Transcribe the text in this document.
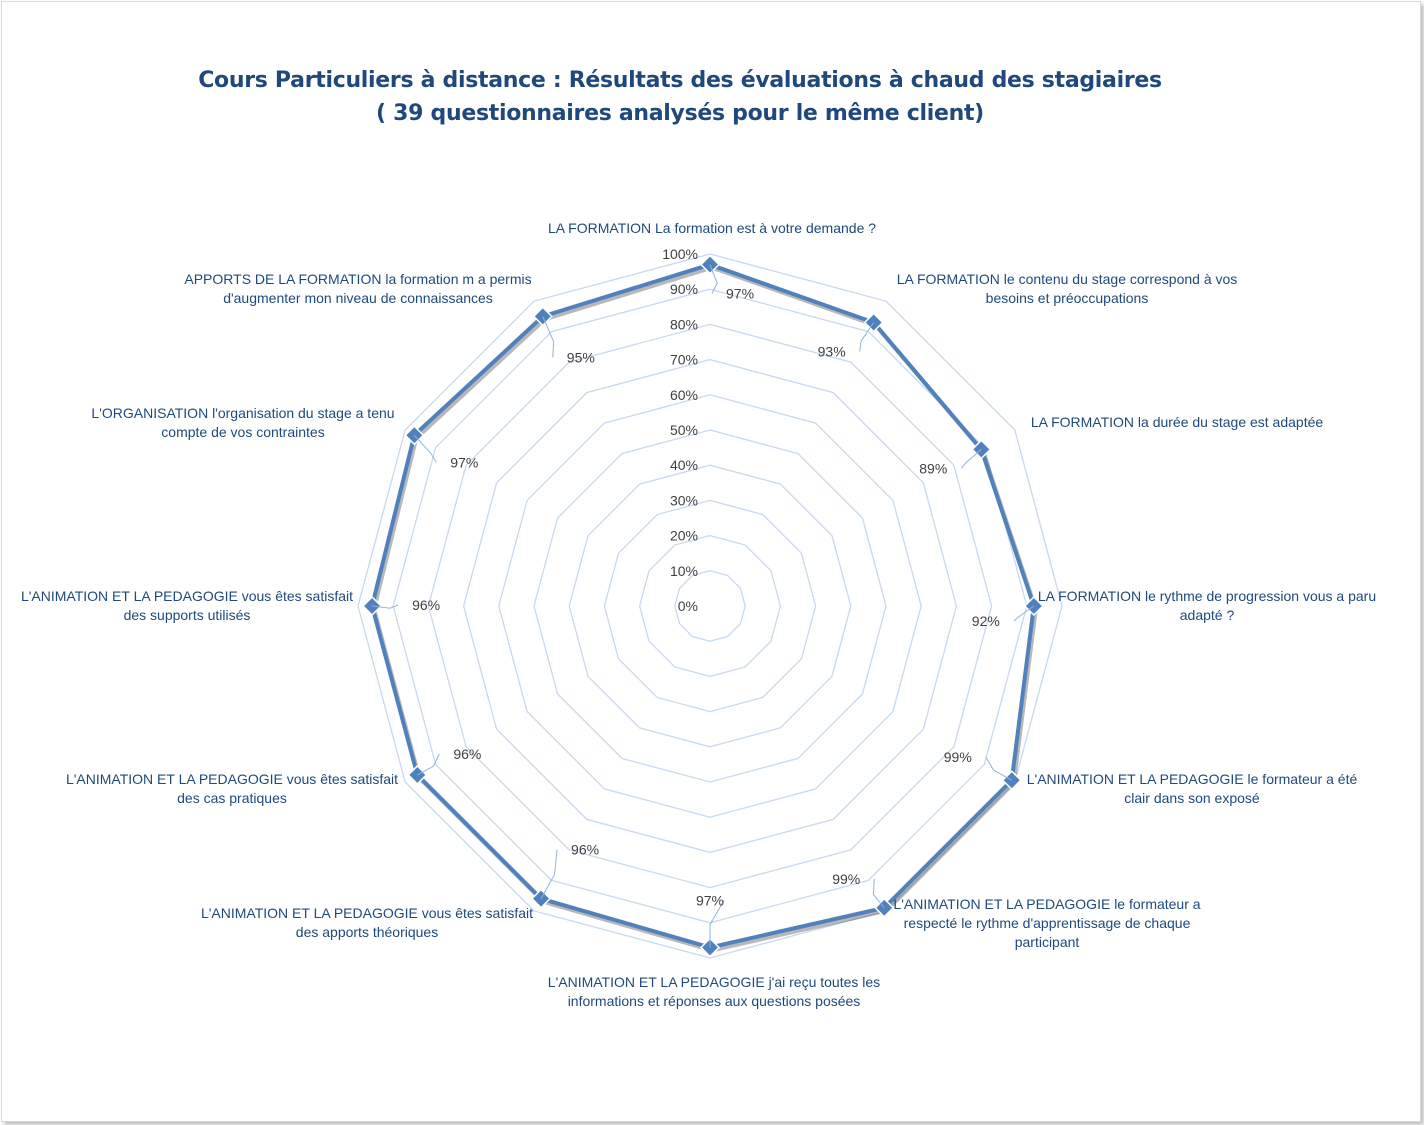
Cours Particuliers à distance : Résultats des évaluations à chaud des stagiaires
( 39 questionnaires analysés pour le même client)
0%
10%
20%
30%
40%
50%
60%
70%
80%
90%
100%
97%
93%
89%
92%
99%
99%
97%
96%
96%
96%
97%
95%
LA FORMATION La formation est à votre demande ?
LA FORMATION le contenu du stage correspond à vos besoins et préoccupations
LA FORMATION la durée du stage est adaptée
LA FORMATION le rythme de progression vous a paru adapté ?
L'ANIMATION ET LA PEDAGOGIE le formateur a été clair dans son exposé
L'ANIMATION ET LA PEDAGOGIE le formateur a respecté le rythme d'apprentissage de chaque participant
L'ANIMATION ET LA PEDAGOGIE j'ai reçu toutes les informations et réponses aux questions posées
L'ANIMATION ET LA PEDAGOGIE vous êtes satisfait des apports théoriques
L'ANIMATION ET LA PEDAGOGIE vous êtes satisfait des cas pratiques
L'ANIMATION ET LA PEDAGOGIE vous êtes satisfait des supports utilisés
L'ORGANISATION l'organisation du stage a tenu compte de vos contraintes
APPORTS DE LA FORMATION la formation m a permis d'augmenter mon niveau de connaissances
